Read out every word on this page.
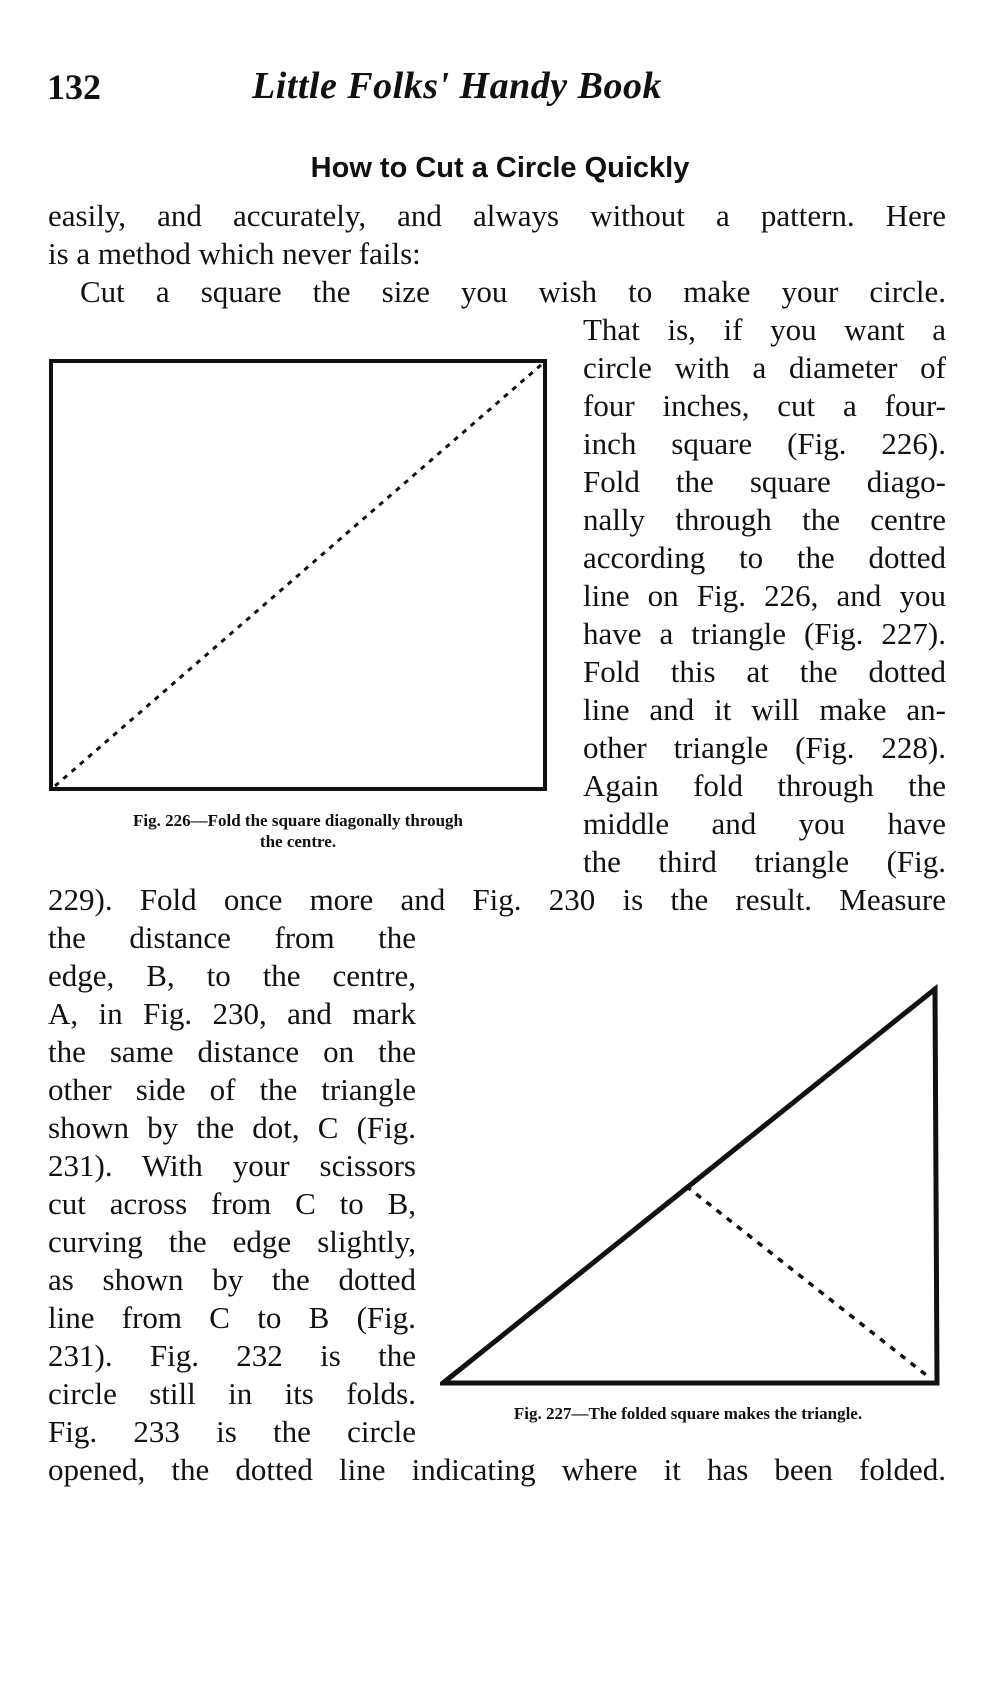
132	Little Folks' Handy Book
How to Cut a Circle Quickly
easily, and accurately, and always without a pattern. Here
is a method which never fails:
Cut a square the size you wish to make your circle.
Fig. 226—Fold the square diagonally through
the centre.
That is, if you want a
circle with a diameter of
four inches, cut a four-
inch square (Fig. 226).
Fold the square diago-
nally through the centre
according to the dotted
line on Fig. 226, and you
have a triangle (Fig. 227).
Fold this at the dotted
line and it will make an-
other triangle (Fig. 228).
Again fold through the
middle and you have
the third triangle (Fig.
229). Fold once more and Fig. 230 is the result. Measure
the distance from the
edge, B, to the centre,
A, in Fig. 230, and mark
the same distance on the
other side of the triangle
shown by the dot, C (Fig.
231). With your scissors
cut across from C to B,
curving the edge slightly,
as shown by the dotted
line from C to B (Fig.
231). Fig. 232 is the
circle still in its folds.
Fig. 233 is the circle
Fig. 227—The folded square makes the triangle.
opened, the dotted line indicating where it has been folded.
